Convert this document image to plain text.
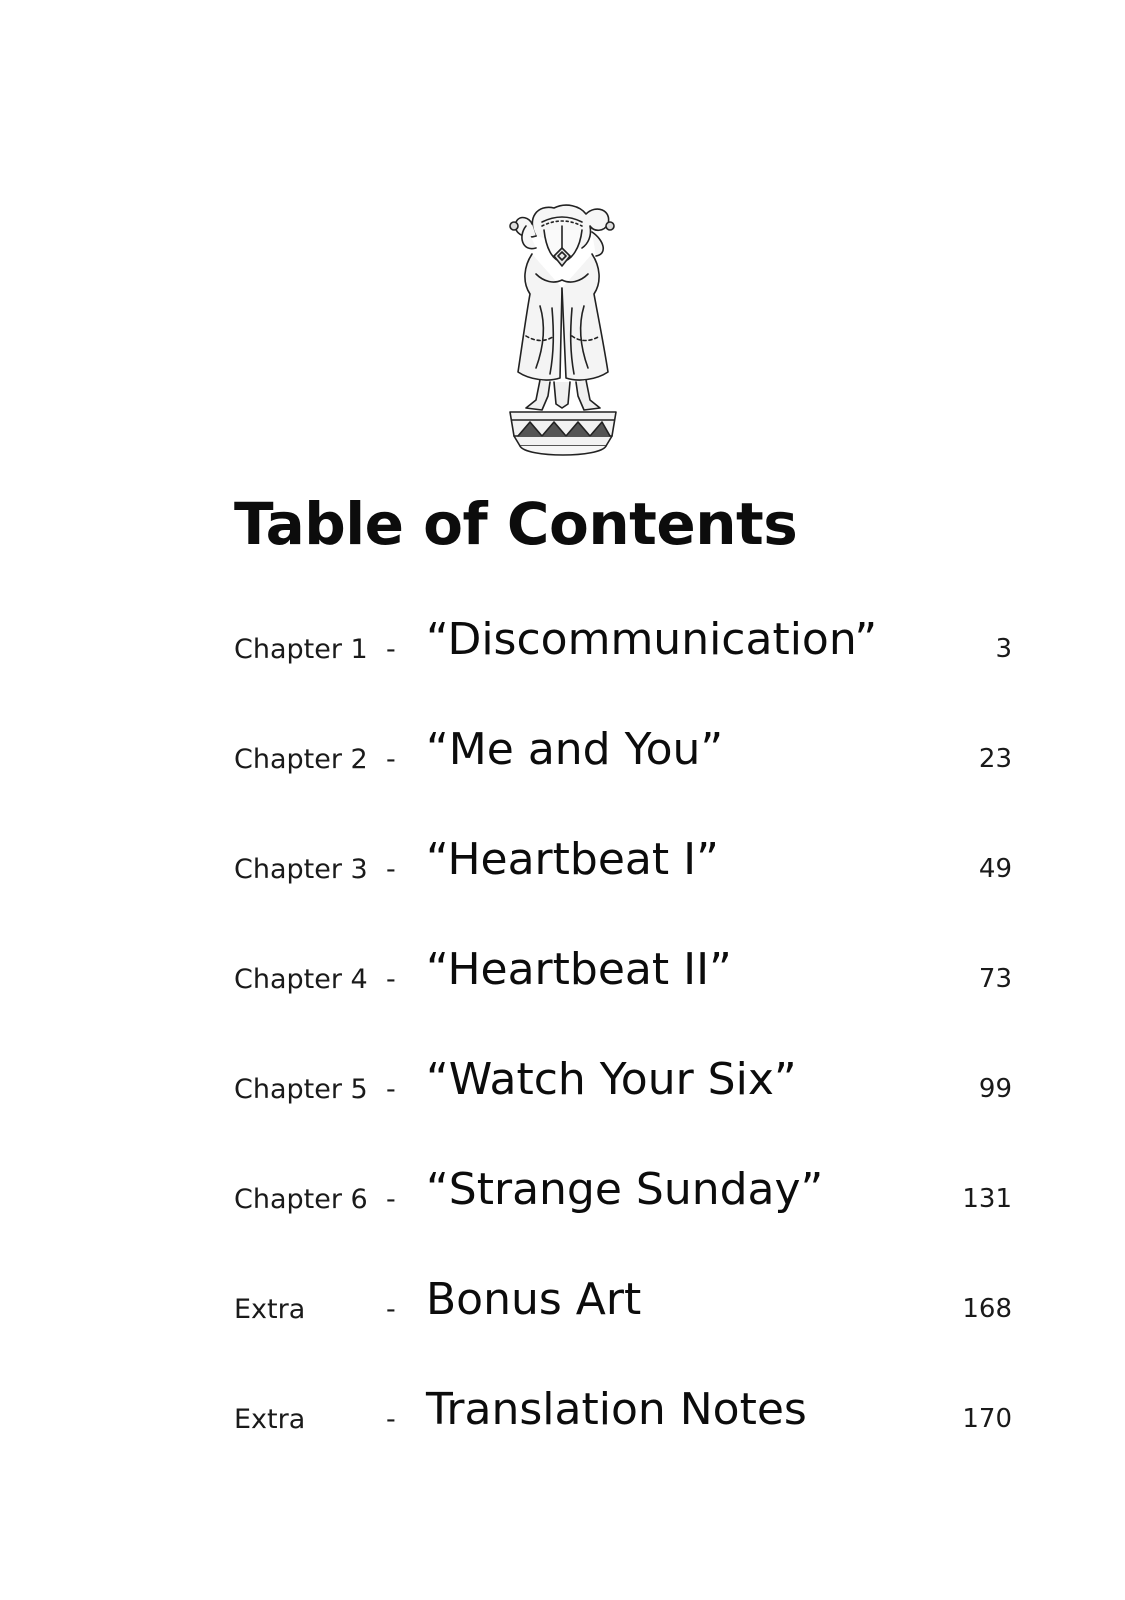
Table of Contents
Chapter 1 - “Discommunication”	3
Chapter 2 - “Me and You”	23
Chapter 3 - “Heartbeat I”	49
Chapter 4 - “Heartbeat II”	73
Chapter 5 - “Watch Your Six”	99
Chapter 6 - “Strange Sunday”	131
Extra	- Bonus Art	168
Extra	- Translation Notes	170
